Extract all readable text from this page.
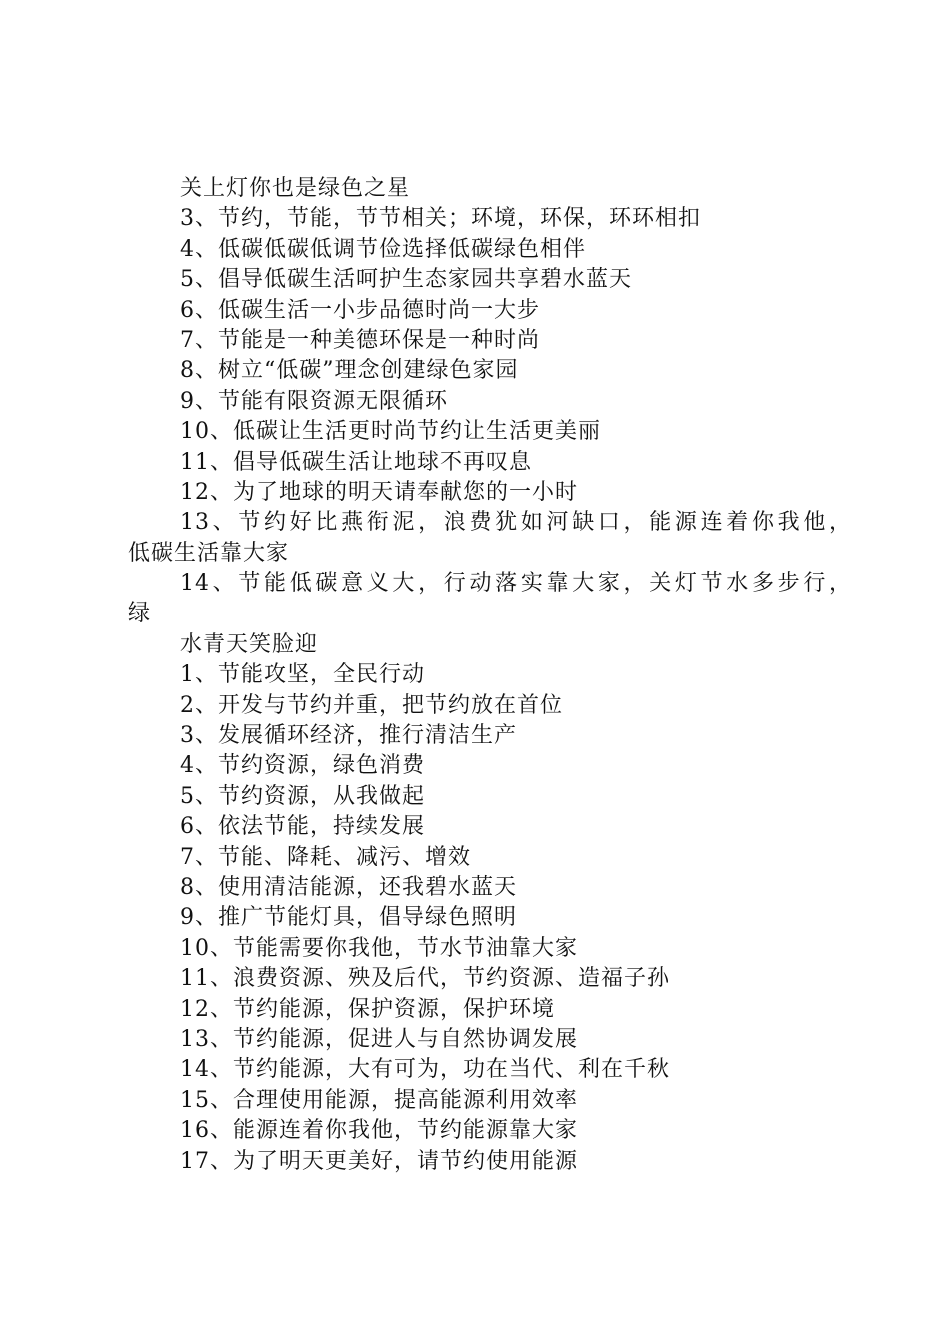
关上灯你也是绿色之星
3、节约，节能，节节相关；环境，环保，环环相扣
4、低碳低碳低调节俭选择低碳绿色相伴
5、倡导低碳生活呵护生态家园共享碧水蓝天
6、低碳生活一小步品德时尚一大步
7、节能是一种美德环保是一种时尚
8、树立“低碳”理念创建绿色家园
9、节能有限资源无限循环
10、低碳让生活更时尚节约让生活更美丽
11、倡导低碳生活让地球不再叹息
12、为了地球的明天请奉献您的一小时
13、节约好比燕衔泥，浪费犹如河缺口，能源连着你我他，
低碳生活靠大家
14、节能低碳意义大，行动落实靠大家，关灯节水多步行，
绿
水青天笑脸迎
1、节能攻坚，全民行动
2、开发与节约并重，把节约放在首位
3、发展循环经济，推行清洁生产
4、节约资源，绿色消费
5、节约资源，从我做起
6、依法节能，持续发展
7、节能、降耗、减污、增效
8、使用清洁能源，还我碧水蓝天
9、推广节能灯具，倡导绿色照明
10、节能需要你我他，节水节油靠大家
11、浪费资源、殃及后代，节约资源、造福子孙
12、节约能源，保护资源，保护环境
13、节约能源，促进人与自然协调发展
14、节约能源，大有可为，功在当代、利在千秋
15、合理使用能源，提高能源利用效率
16、能源连着你我他，节约能源靠大家
17、为了明天更美好，请节约使用能源
